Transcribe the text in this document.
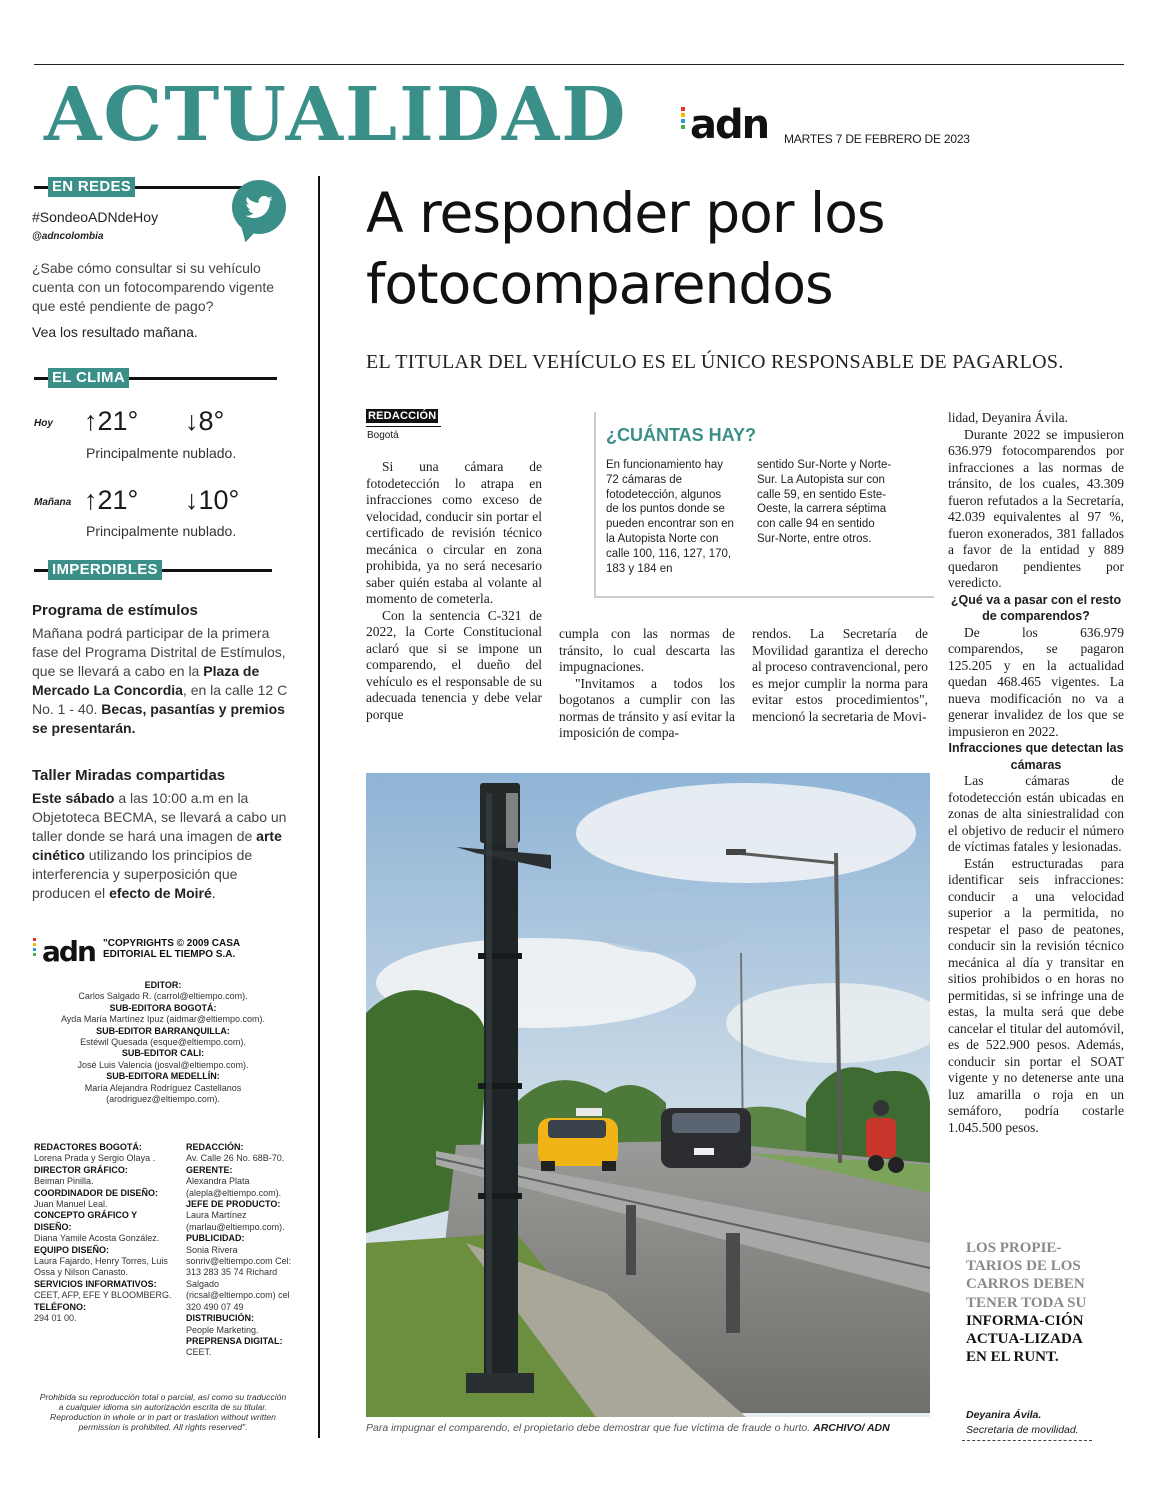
ACTUALIDAD adn MARTES 7 DE FEBRERO DE 2023
EN REDES
#SondeoADNdeHoy
@adncolombia
¿Sabe cómo consultar si su vehículo cuenta con un fotocomparendo vigente que esté pendiente de pago?
Vea los resultado mañana.
EL CLIMA
Hoy ↑21° ↓8°
Principalmente nublado.
Mañana ↑21° ↓10°
Principalmente nublado.
IMPERDIBLES
Programa de estímulos
Mañana podrá participar de la primera fase del Programa Distrital de Estímulos, que se llevará a cabo en la Plaza de Mercado La Concordia, en la calle 12 C No. 1 - 40. Becas, pasantías y premios se presentarán.
Taller Miradas compartidas
Este sábado a las 10:00 a.m en la Objetoteca BECMA, se llevará a cabo un taller donde se hará una imagen de arte cinético utilizando los principios de interferencia y superposición que producen el efecto de Moiré.
adn "COPYRIGHTS © 2009 CASA EDITORIAL EL TIEMPO S.A.
EDITOR:
Carlos Salgado R. (carrol@eltiempo.com).
SUB-EDITORA BOGOTÁ:
Ayda María Martínez Ipuz (aidmar@eltiempo.com).
SUB-EDITOR BARRANQUILLA:
Estéwil Quesada (esque@eltiempo.com).
SUB-EDITOR CALI:
José Luis Valencia (josval@eltiempo.com).
SUB-EDITORA MEDELLÍN:
María Alejandra Rodríguez Castellanos (arodriguez@eltiempo.com).
REDACTORES BOGOTÁ:
Lorena Prada y Sergio Olaya .
DIRECTOR GRÁFICO:
Beiman Pinilla.
COORDINADOR DE DISEÑO:
Juan Manuel Leal.
CONCEPTO GRÁFICO Y DISEÑO:
Diana Yamile Acosta González.
EQUIPO DISEÑO:
Laura Fajardo, Henry Torres, Luis Ossa y Nilson Canasto.
SERVICIOS INFORMATIVOS:
CEET, AFP, EFE Y BLOOMBERG.
TELÉFONO:
294 01 00.
REDACCIÓN:
Av. Calle 26 No. 68B-70.
GERENTE:
Alexandra Plata (alepla@eltiempo.com).
JEFE DE PRODUCTO:
Laura Martínez (marlau@eltiempo.com).
PUBLICIDAD:
Sonia Rivera sonriv@eltiempo.com Cel: 313 283 35 74 Richard Salgado (ricsal@eltiempo.com) cel 320 490 07 49
DISTRIBUCIÓN:
People Marketing.
PREPRENSA DIGITAL:
CEET.
Prohibida su reproducción total o parcial, así como su traducción a cualquier idioma sin autorización escrita de su titular. Reproduction in whole or in part or traslation without written permission is prohibited. All rights reserved".
A responder por los
fotocomparendos
EL TITULAR DEL VEHÍCULO ES EL ÚNICO RESPONSABLE DE PAGARLOS.
REDACCIÓN
Bogotá

Si una cámara de fotodetección lo atrapa en infracciones como exceso de velocidad, conducir sin portar el certificado de revisión técnico mecánica o circular en zona prohibida, ya no será necesario saber quién estaba al volante al momento de cometerla.

Con la sentencia C-321 de 2022, la Corte Constitucional aclaró que si se impone un comparendo, el dueño del vehículo es el responsable de su adecuada tenencia y debe velar porque

¿CUÁNTAS HAY?
En funcionamiento hay 72 cámaras de fotodetección, algunos de los puntos donde se pueden encontrar son en la Autopista Norte con calle 100, 116, 127, 170, 183 y 184 en
sentido Sur-Norte y Norte- Sur. La Autopista sur con calle 59, en sentido Este-Oeste, la carrera séptima con calle 94 en sentido Sur-Norte, entre otros.

cumpla con las normas de tránsito, lo cual descarta las impugnaciones.

"Invitamos a todos los bogotanos a cumplir con las normas de tránsito y así evitar la imposición de compa-

rendos. La Secretaría de Movilidad garantiza el derecho al proceso contravencional, pero es mejor cumplir la norma para evitar estos procedimientos", mencionó la secretaria de Movi-

lidad, Deyanira Ávila.

Durante 2022 se impusieron 636.979 fotocomparendos por infracciones a las normas de tránsito, de los cuales, 43.309 fueron refutados a la Secretaría, 42.039 equivalentes al 97 %, fueron exonerados, 381 fallados a favor de la entidad y 889 quedaron pendientes por veredicto.

¿Qué va a pasar con el resto de comparendos?

De los 636.979 comparendos, se pagaron 125.205 y en la actualidad quedan 468.465 vigentes. La nueva modificación no va a generar invalidez de los que se impusieron en 2022.

Infracciones que detectan las cámaras

Las cámaras de fotodetección están ubicadas en zonas de alta siniestralidad con el objetivo de reducir el número de víctimas fatales y lesionadas.

Están estructuradas para identificar seis infracciones: conducir a una velocidad superior a la permitida, no respetar el paso de peatones, conducir sin la revisión técnico mecánica al día y transitar en sitios prohibidos o en horas no permitidas, si se infringe una de estas, la multa será que debe cancelar el titular del automóvil, es de 522.900 pesos. Además, conducir sin portar el SOAT vigente y no detenerse ante una luz amarilla o roja en un semáforo, podría costarle 1.045.500 pesos.

Para impugnar el comparendo, el propietario debe demostrar que fue víctima de fraude o hurto. ARCHIVO/ ADN
LOS PROPIE-TARIOS DE LOS CARROS DEBEN TENER TODA SU INFORMA-CIÓN ACTUA-LIZADA EN EL RUNT.
Deyanira Ávila.
Secretaria de movilidad.
